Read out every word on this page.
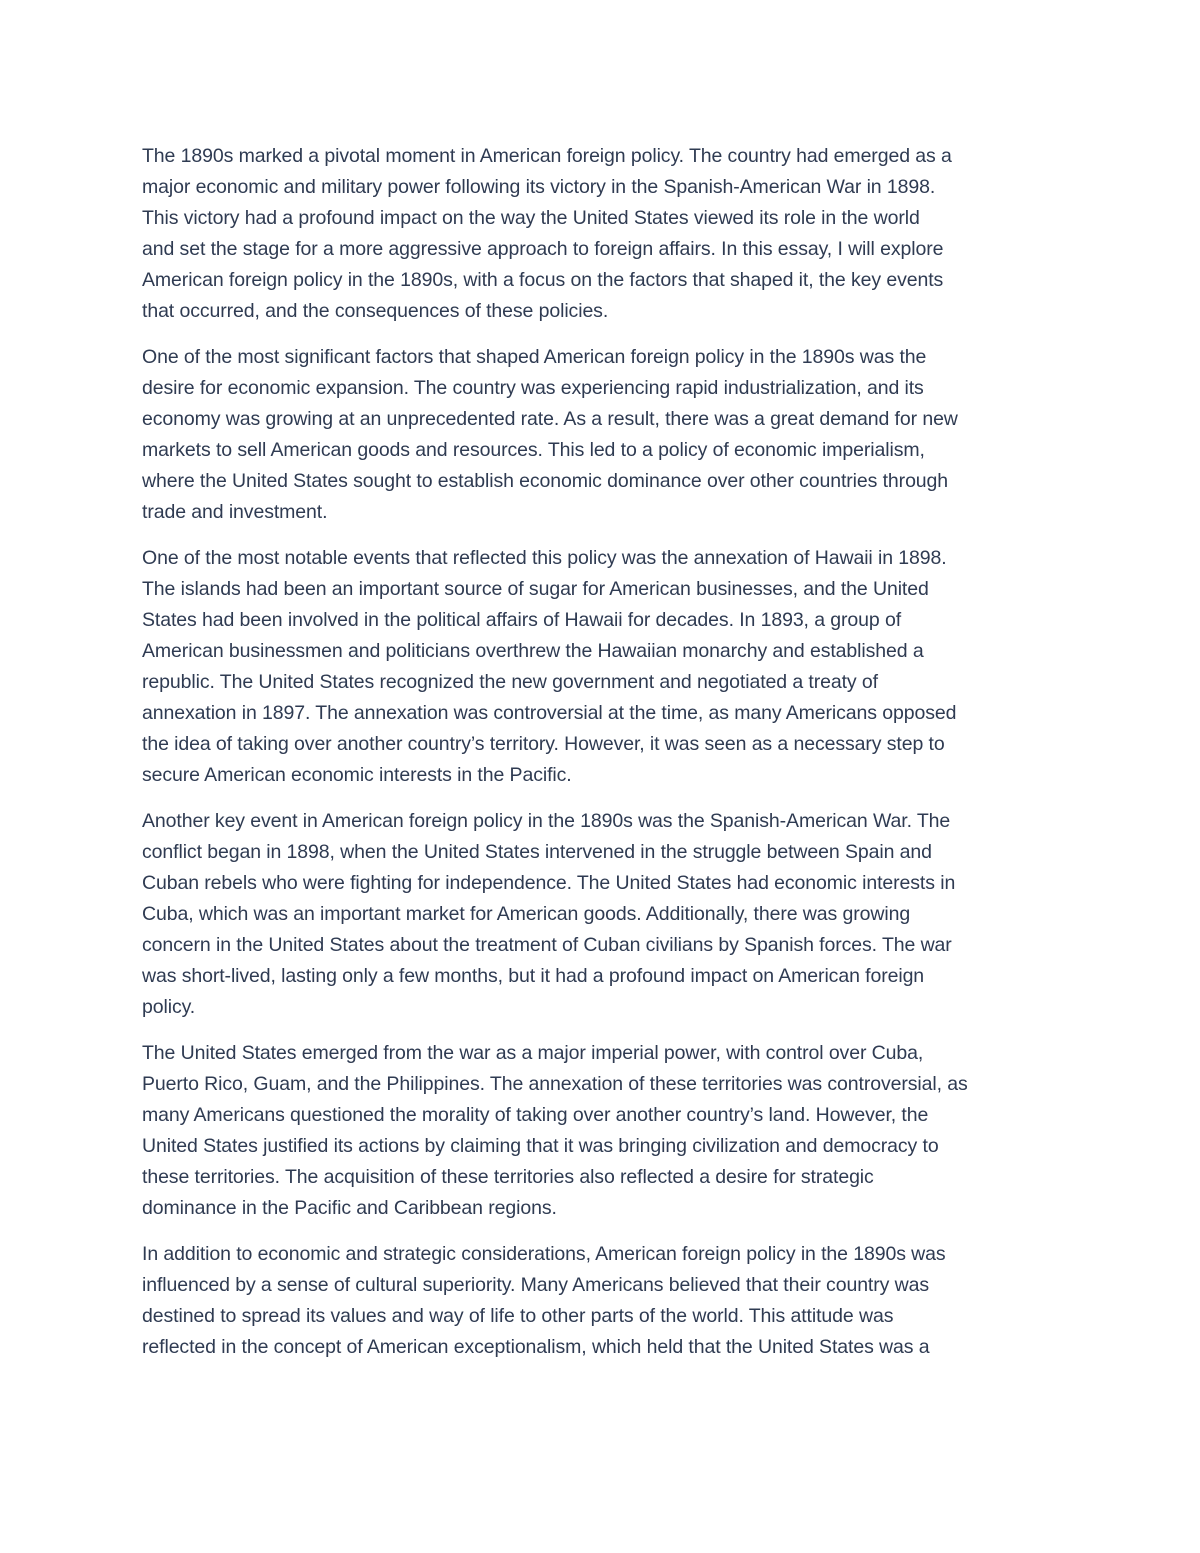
The 1890s marked a pivotal moment in American foreign policy. The country had emerged as a
major economic and military power following its victory in the Spanish-American War in 1898.
This victory had a profound impact on the way the United States viewed its role in the world
and set the stage for a more aggressive approach to foreign affairs. In this essay, I will explore
American foreign policy in the 1890s, with a focus on the factors that shaped it, the key events
that occurred, and the consequences of these policies.

One of the most significant factors that shaped American foreign policy in the 1890s was the
desire for economic expansion. The country was experiencing rapid industrialization, and its
economy was growing at an unprecedented rate. As a result, there was a great demand for new
markets to sell American goods and resources. This led to a policy of economic imperialism,
where the United States sought to establish economic dominance over other countries through
trade and investment.

One of the most notable events that reflected this policy was the annexation of Hawaii in 1898.
The islands had been an important source of sugar for American businesses, and the United
States had been involved in the political affairs of Hawaii for decades. In 1893, a group of
American businessmen and politicians overthrew the Hawaiian monarchy and established a
republic. The United States recognized the new government and negotiated a treaty of
annexation in 1897. The annexation was controversial at the time, as many Americans opposed
the idea of taking over another country’s territory. However, it was seen as a necessary step to
secure American economic interests in the Pacific.

Another key event in American foreign policy in the 1890s was the Spanish-American War. The
conflict began in 1898, when the United States intervened in the struggle between Spain and
Cuban rebels who were fighting for independence. The United States had economic interests in
Cuba, which was an important market for American goods. Additionally, there was growing
concern in the United States about the treatment of Cuban civilians by Spanish forces. The war
was short-lived, lasting only a few months, but it had a profound impact on American foreign
policy.

The United States emerged from the war as a major imperial power, with control over Cuba,
Puerto Rico, Guam, and the Philippines. The annexation of these territories was controversial, as
many Americans questioned the morality of taking over another country’s land. However, the
United States justified its actions by claiming that it was bringing civilization and democracy to
these territories. The acquisition of these territories also reflected a desire for strategic
dominance in the Pacific and Caribbean regions.

In addition to economic and strategic considerations, American foreign policy in the 1890s was
influenced by a sense of cultural superiority. Many Americans believed that their country was
destined to spread its values and way of life to other parts of the world. This attitude was
reflected in the concept of American exceptionalism, which held that the United States was a
